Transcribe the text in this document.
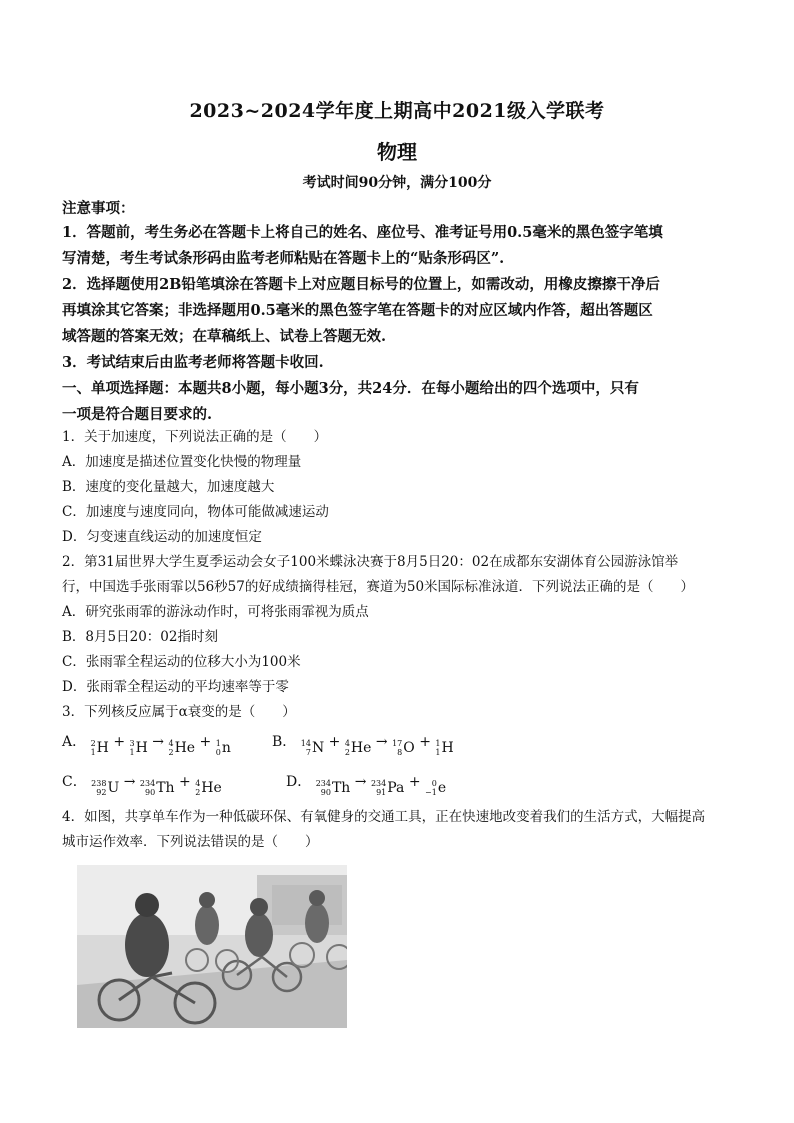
2023~2024学年度上期高中2021级入学联考
物理
考试时间90分钟，满分100分
注意事项：
1．答题前，考生务必在答题卡上将自己的姓名、座位号、准考证号用0.5毫米的黑色签字笔填
写清楚，考生考试条形码由监考老师粘贴在答题卡上的“贴条形码区”.
2．选择题使用2B铅笔填涂在答题卡上对应题目标号的位置上，如需改动，用橡皮擦擦干净后
再填涂其它答案；非选择题用0.5毫米的黑色签字笔在答题卡的对应区域内作答，超出答题区
域答题的答案无效；在草稿纸上、试卷上答题无效.
3．考试结束后由监考老师将答题卡收回.
一、单项选择题：本题共8小题，每小题3分，共24分．在每小题给出的四个选项中，只有
一项是符合题目要求的.
1．关于加速度，下列说法正确的是（　　）
A．加速度是描述位置变化快慢的物理量
B．速度的变化量越大，加速度越大
C．加速度与速度同向，物体可能做减速运动
D．匀变速直线运动的加速度恒定
2．第31届世界大学生夏季运动会女子100米蝶泳决赛于8月5日20：02在成都东安湖体育公园游泳馆举
行，中国选手张雨霏以56秒57的好成绩摘得桂冠，赛道为50米国际标准泳道．下列说法正确的是（　　）
A．研究张雨霏的游泳动作时，可将张雨霏视为质点
B．8月5日20：02指时刻
C．张雨霏全程运动的位移大小为100米
D．张雨霏全程运动的平均速率等于零
3．下列核反应属于α衰变的是（　　）
A． 2
1 H + 3
1 H → 4
2 He + 1
0 n	B． 14
7 N + 4
2 He → 17
8 O + 1
1 H
C． 238
92 U → 234
90 Th + 4
2 He	D． 234
90 Th → 234
91 Pa +	0
−1 e
4．如图，共享单车作为一种低碳环保、有氧健身的交通工具，正在快速地改变着我们的生活方式，大幅提高
城市运作效率．下列说法错误的是（　　）
